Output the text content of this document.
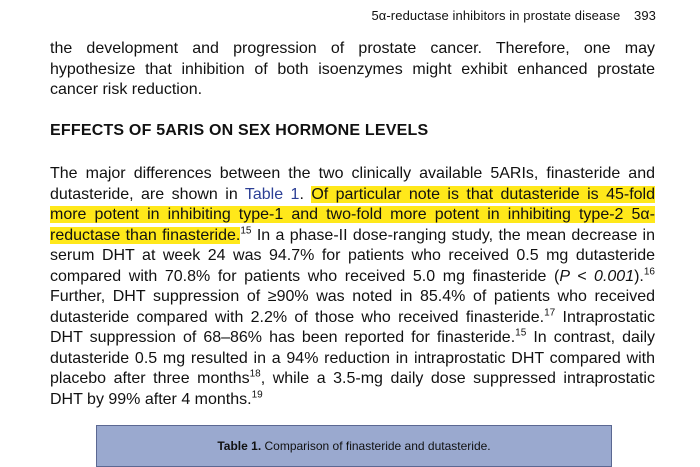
5α-reductase inhibitors in prostate disease 393

the development and progression of prostate cancer. Therefore, one may hypothesize that inhibition of both isoenzymes might exhibit enhanced prostate cancer risk reduction.

EFFECTS OF 5ARIS ON SEX HORMONE LEVELS

The major differences between the two clinically available 5ARIs, finasteride and dutasteride, are shown in Table 1. Of particular note is that dutasteride is 45-fold more potent in inhibiting type-1 and two-fold more potent in inhibiting type-2 5α-reductase than finasteride.$^{15}$ In a phase-II dose-ranging study, the mean decrease in serum DHT at week 24 was 94.7% for patients who received 0.5 mg dutasteride compared with 70.8% for patients who received 5.0 mg finasteride (P < 0.001).$^{16}$ Further, DHT suppression of ≥90% was noted in 85.4% of patients who received dutasteride compared with 2.2% of those who received finasteride.$^{17}$ Intraprostatic DHT suppression of 68–86% has been reported for finasteride.$^{15}$ In contrast, daily dutasteride 0.5 mg resulted in a 94% reduction in intraprostatic DHT compared with placebo after three months$^{18}$, while a 3.5-mg daily dose suppressed intraprostatic DHT by 99% after 4 months.$^{19}$

Table 1. Comparison of finasteride and dutasteride.
